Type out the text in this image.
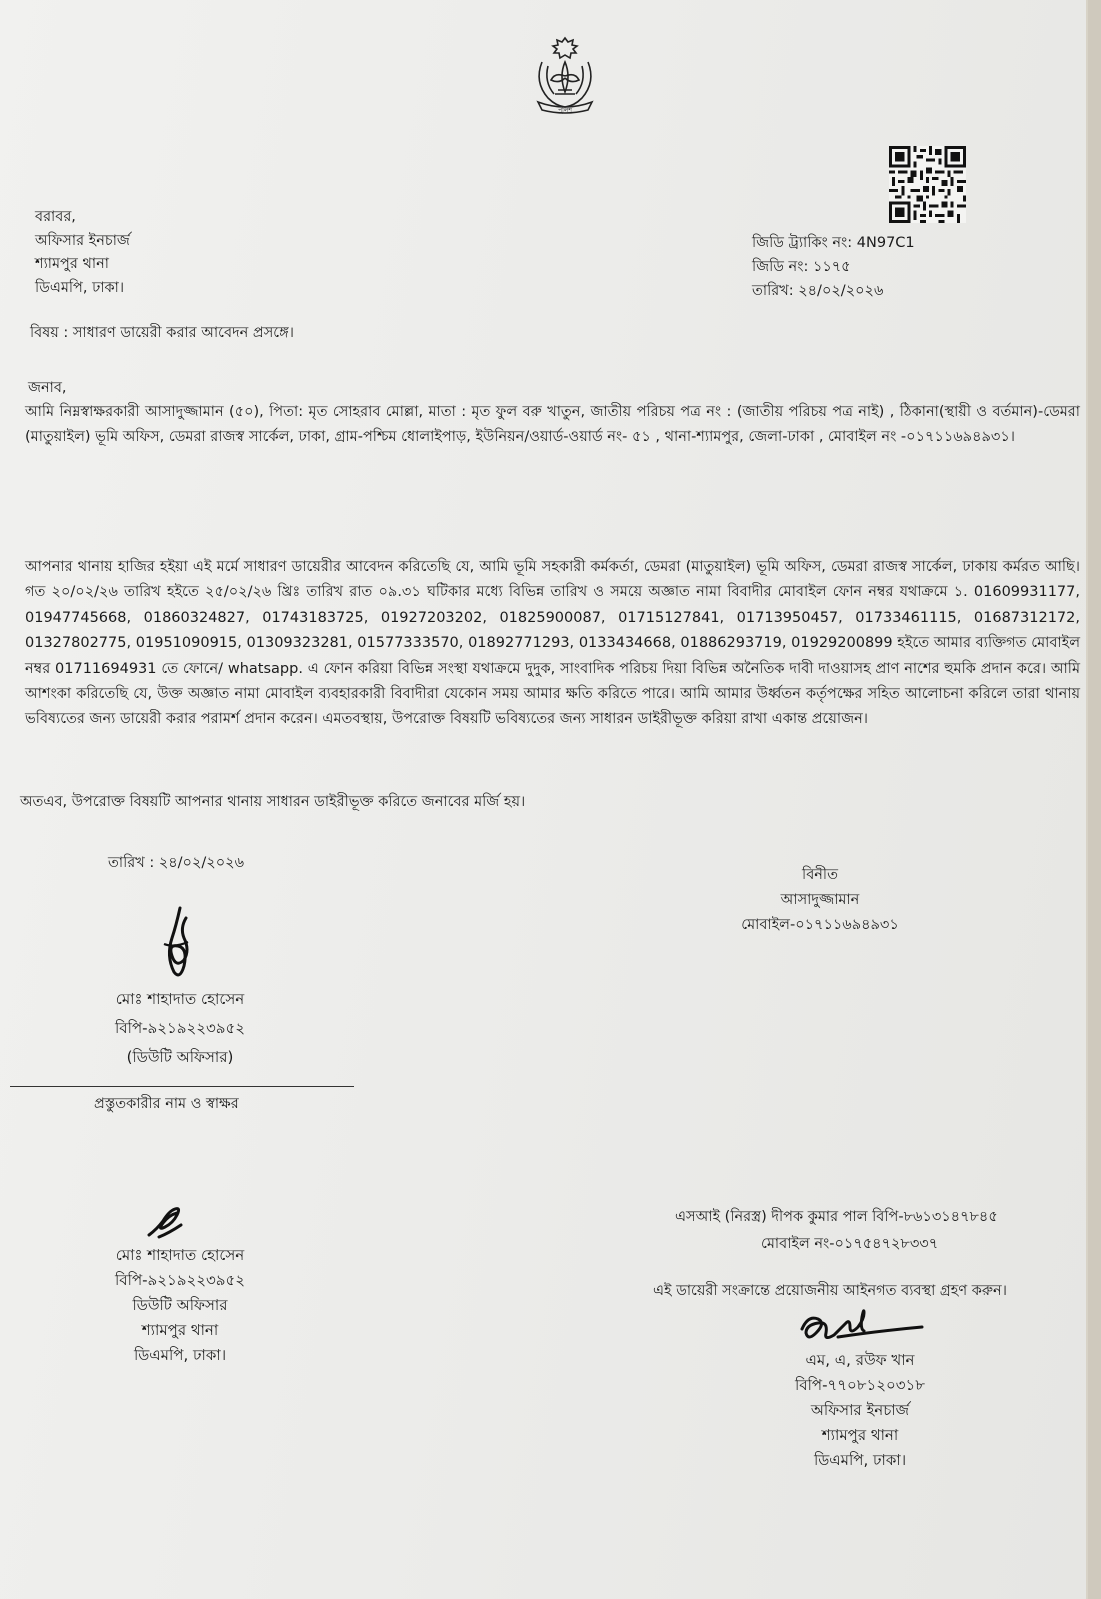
পুলিশ
বরাবর,
অফিসার ইনচার্জ
শ্যামপুর থানা
ডিএমপি, ঢাকা।
জিডি ট্র্যাকিং নং: 4N97C1
জিডি নং: ১১৭৫
তারিখ: ২৪/০২/২০২৬
বিষয় : সাধারণ ডায়েরী করার আবেদন প্রসঙ্গে।
জনাব,
আমি নিম্নস্বাক্ষরকারী আসাদুজ্জামান (৫০), পিতা: মৃত সোহরাব মোল্লা, মাতা : মৃত ফুল বরু খাতুন, জাতীয় পরিচয় পত্র নং : (জাতীয় পরিচয় পত্র নাই) , ঠিকানা(স্থায়ী ও বর্তমান)-ডেমরা (মাতুয়াইল) ভূমি অফিস, ডেমরা রাজস্ব সার্কেল, ঢাকা, গ্রাম-পশ্চিম ধোলাইপাড়, ইউনিয়ন/ওয়ার্ড-ওয়ার্ড নং- ৫১ , থানা-শ্যামপুর, জেলা-ঢাকা , মোবাইল নং -০১৭১১৬৯৪৯৩১।
আপনার থানায় হাজির হইয়া এই মর্মে সাধারণ ডায়েরীর আবেদন করিতেছি যে, আমি ভূমি সহকারী কর্মকর্তা, ডেমরা (মাতুয়াইল) ভূমি অফিস, ডেমরা রাজস্ব সার্কেল, ঢাকায় কর্মরত আছি। গত ২০/০২/২৬ তারিখ হইতে ২৫/০২/২৬ খ্রিঃ তারিখ রাত ০৯.৩১ ঘটিকার মধ্যে বিভিন্ন তারিখ ও সময়ে অজ্ঞাত নামা বিবাদীর মোবাইল ফোন নম্বর যথাক্রমে ১. 01609931177, 01947745668, 01860324827, 01743183725, 01927203202, 01825900087, 01715127841, 01713950457, 01733461115, 01687312172, 01327802775, 01951090915, 01309323281, 01577333570, 01892771293, 0133434668, 01886293719, 01929200899 হইতে আমার ব্যক্তিগত মোবাইল নম্বর 01711694931 তে ফোনে/ whatsapp. এ ফোন করিয়া বিভিন্ন সংস্থা যথাক্রমে দুদুক, সাংবাদিক পরিচয় দিয়া বিভিন্ন অনৈতিক দাবী দাওয়াসহ প্রাণ নাশের হুমকি প্রদান করে। আমি আশংকা করিতেছি যে, উক্ত অজ্ঞাত নামা মোবাইল ব্যবহারকারী বিবাদীরা যেকোন সময় আমার ক্ষতি করিতে পারে। আমি আমার উর্ধ্বতন কর্তৃপক্ষের সহিত আলোচনা করিলে তারা থানায় ভবিষ্যতের জন্য ডায়েরী করার পরামর্শ প্রদান করেন। এমতবস্থায়, উপরোক্ত বিষয়টি ভবিষ্যতের জন্য সাধারন ডাইরীভূক্ত করিয়া রাখা একান্ত প্রয়োজন।
অতএব, উপরোক্ত বিষয়টি আপনার থানায় সাধারন ডাইরীভূক্ত করিতে জনাবের মর্জি হয়।
তারিখ : ২৪/০২/২০২৬
বিনীত
আসাদুজ্জামান
মোবাইল-০১৭১১৬৯৪৯৩১
মোঃ শাহাদাত হোসেন
বিপি-৯২১৯২২৩৯৫২
(ডিউটি অফিসার)
প্রস্তুতকারীর নাম ও স্বাক্ষর
মোঃ শাহাদাত হোসেন
বিপি-৯২১৯২২৩৯৫২
ডিউটি অফিসার
শ্যামপুর থানা
ডিএমপি, ঢাকা।
এসআই (নিরস্ত্র) দীপক কুমার পাল বিপি-৮৬১৩১৪৭৮৪৫
মোবাইল নং-০১৭৫৪৭২৮৩৩৭
এই ডায়েরী সংক্রান্তে প্রয়োজনীয় আইনগত ব্যবস্থা গ্রহণ করুন।
এম, এ, রউফ খান
বিপি-৭৭০৮১২০৩১৮
অফিসার ইনচার্জ
শ্যামপুর থানা
ডিএমপি, ঢাকা।
